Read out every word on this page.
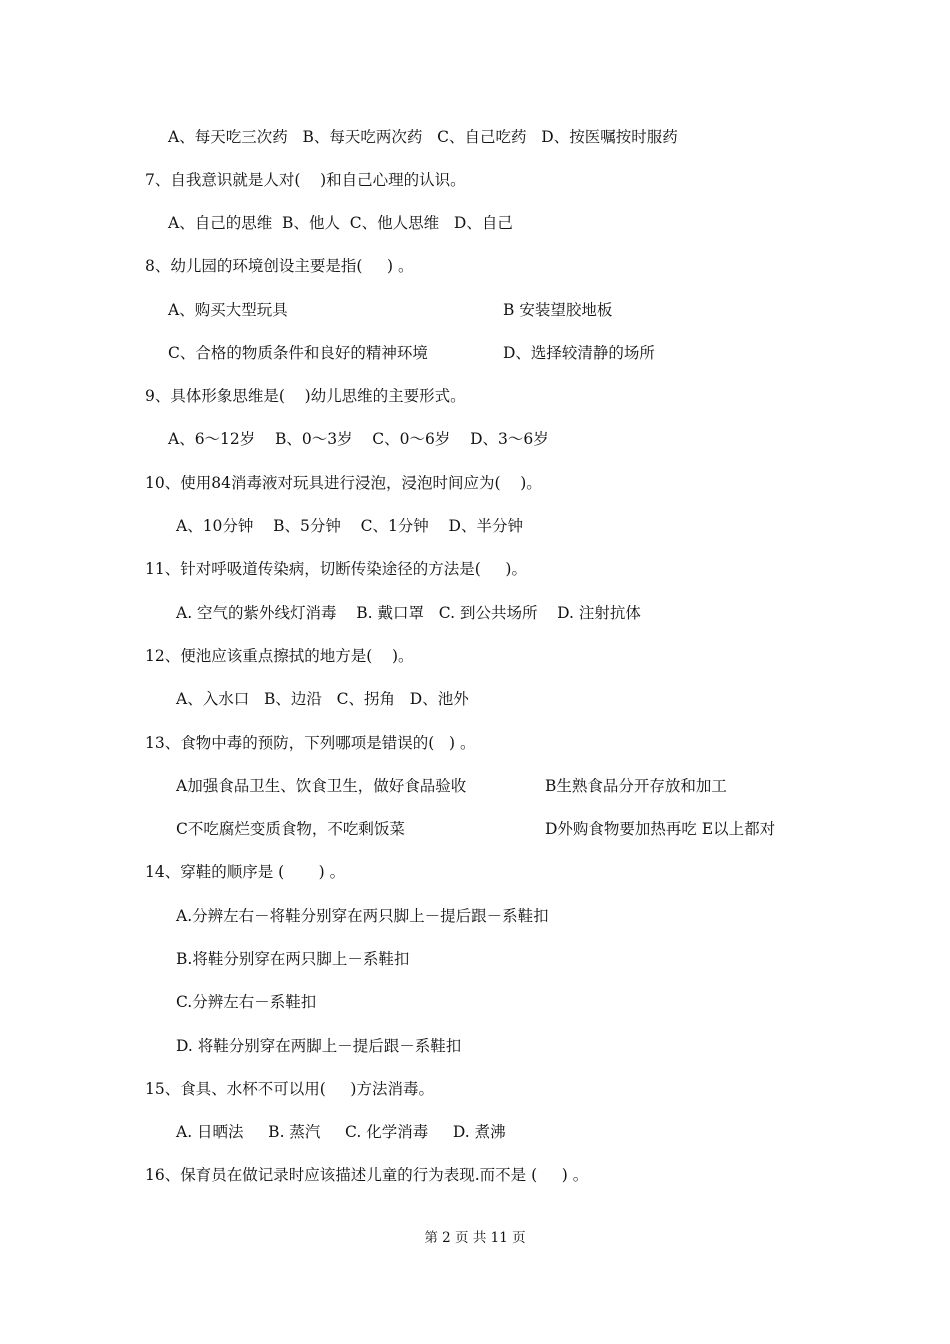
A、每天吃三次药   B、每天吃两次药   C、自己吃药   D、按医嘱按时服药
7、自我意识就是人对(    )和自己心理的认识。
A、自己的思维  B、他人  C、他人思维   D、自己
8、幼儿园的环境创设主要是指(     ) 。
A、购买大型玩具	B 安装望胶地板
C、合格的物质条件和良好的精神环境	D、选择较清静的场所
9、具体形象思维是(    )幼儿思维的主要形式。
A、6～12岁    B、0～3岁    C、0～6岁    D、3～6岁
10、使用84消毒液对玩具进行浸泡，浸泡时间应为(    )。
A、10分钟    B、5分钟    C、1分钟    D、半分钟
11、针对呼吸道传染病，切断传染途径的方法是(     )。
A. 空气的紫外线灯消毒    B. 戴口罩   C. 到公共场所    D. 注射抗体
12、便池应该重点擦拭的地方是(    )。
A、入水口   B、边沿   C、拐角   D、池外
13、食物中毒的预防，下列哪项是错误的(   ) 。
A加强食品卫生、饮食卫生，做好食品验收	B生熟食品分开存放和加工
C不吃腐烂变质食物，不吃剩饭菜	D外购食物要加热再吃 E以上都对
14、穿鞋的顺序是 (       ) 。
A.分辨左右－将鞋分别穿在两只脚上－提后跟－系鞋扣
B.将鞋分别穿在两只脚上－系鞋扣
C.分辨左右－系鞋扣
D. 将鞋分别穿在两脚上－提后跟－系鞋扣
15、食具、水杯不可以用(     )方法消毒。
A. 日晒法     B. 蒸汽     C. 化学消毒     D. 煮沸
16、保育员在做记录时应该描述儿童的行为表现.而不是 (     ) 。
第 2 页 共 11 页
